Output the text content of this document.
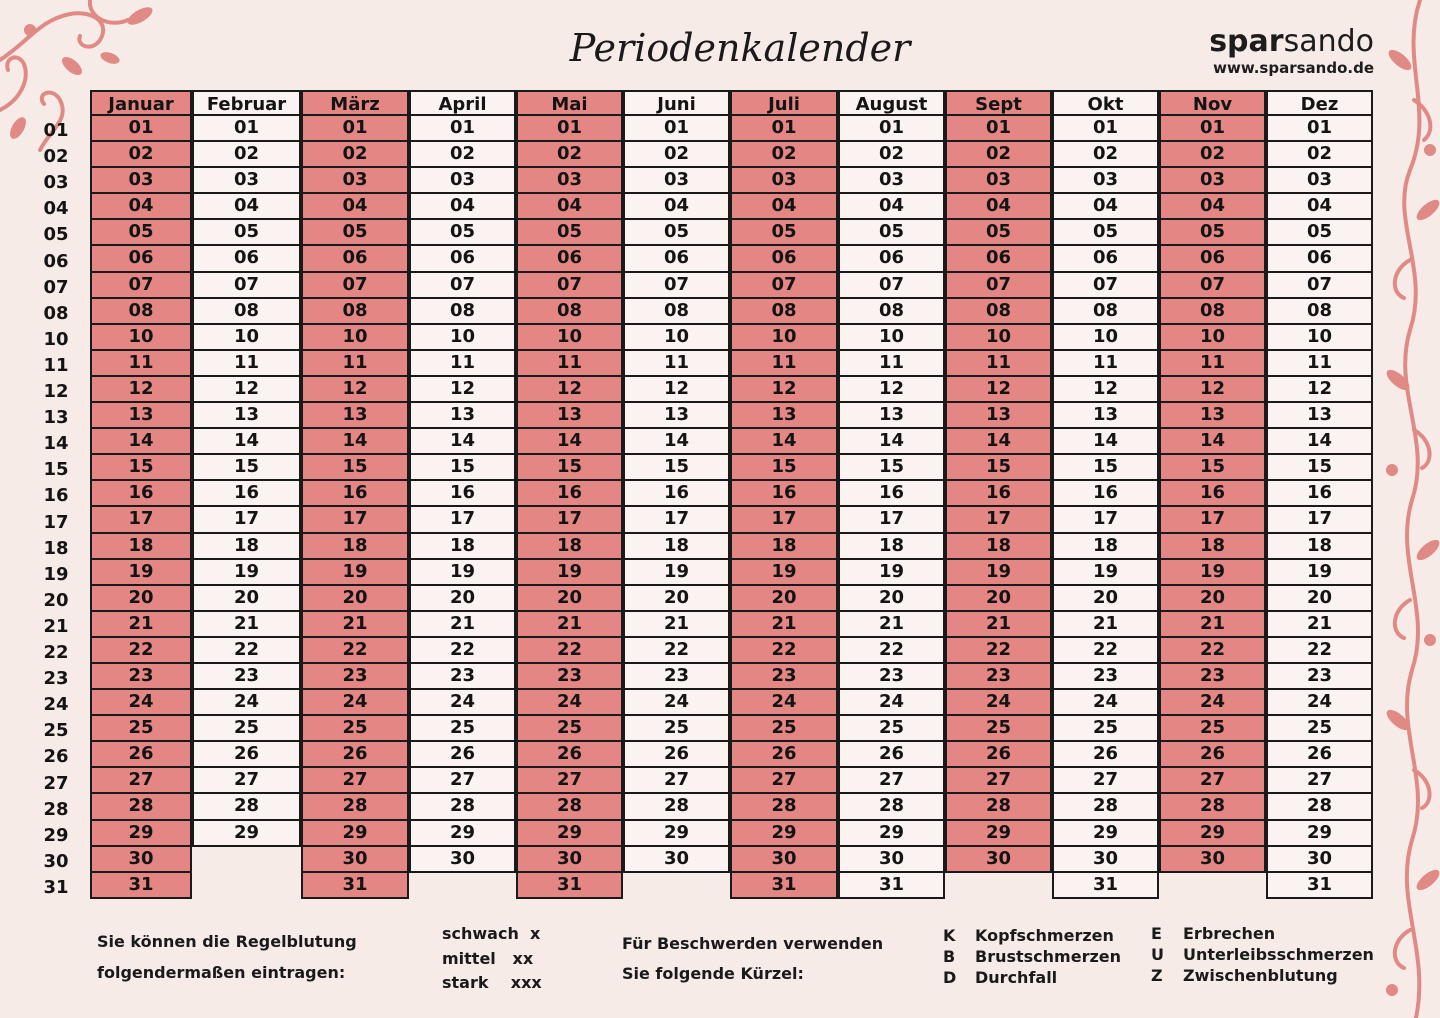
Periodenkalender	sparsando
www.sparsando.de
01
02
03
04
05
06
07
08
10
11
12
13
14
15
16
17
18
19
20
21
22
23
24
25
26
27
28
29
30
31
Januar
01
02
03
04
05
06
07
08
10
11
12
13
14
15
16
17
18
19
20
21
22
23
24
25
26
27
28
29
30
31
Februar
01
02
03
04
05
06
07
08
10
11
12
13
14
15
16
17
18
19
20
21
22
23
24
25
26
27
28
29
März
01
02
03
04
05
06
07
08
10
11
12
13
14
15
16
17
18
19
20
21
22
23
24
25
26
27
28
29
30
31
April
01
02
03
04
05
06
07
08
10
11
12
13
14
15
16
17
18
19
20
21
22
23
24
25
26
27
28
29
30
Mai
01
02
03
04
05
06
07
08
10
11
12
13
14
15
16
17
18
19
20
21
22
23
24
25
26
27
28
29
30
31
Juni
01
02
03
04
05
06
07
08
10
11
12
13
14
15
16
17
18
19
20
21
22
23
24
25
26
27
28
29
30
Juli
01
02
03
04
05
06
07
08
10
11
12
13
14
15
16
17
18
19
20
21
22
23
24
25
26
27
28
29
30
31
August
01
02
03
04
05
06
07
08
10
11
12
13
14
15
16
17
18
19
20
21
22
23
24
25
26
27
28
29
30
31
Sept
01
02
03
04
05
06
07
08
10
11
12
13
14
15
16
17
18
19
20
21
22
23
24
25
26
27
28
29
30
Okt
01
02
03
04
05
06
07
08
10
11
12
13
14
15
16
17
18
19
20
21
22
23
24
25
26
27
28
29
30
31
Nov
01
02
03
04
05
06
07
08
10
11
12
13
14
15
16
17
18
19
20
21
22
23
24
25
26
27
28
29
30
Dez
01
02
03
04
05
06
07
08
10
11
12
13
14
15
16
17
18
19
20
21
22
23
24
25
26
27
28
29
30
31
Sie können die Regelblutung
folgendermaßen eintragen:
schwach x
mittel xx
stark xxx
Für Beschwerden verwenden
Sie folgende Kürzel:
K Kopfschmerzen
B Brustschmerzen
D Durchfall
E Erbrechen
U Unterleibsschmerzen
Z Zwischenblutung
